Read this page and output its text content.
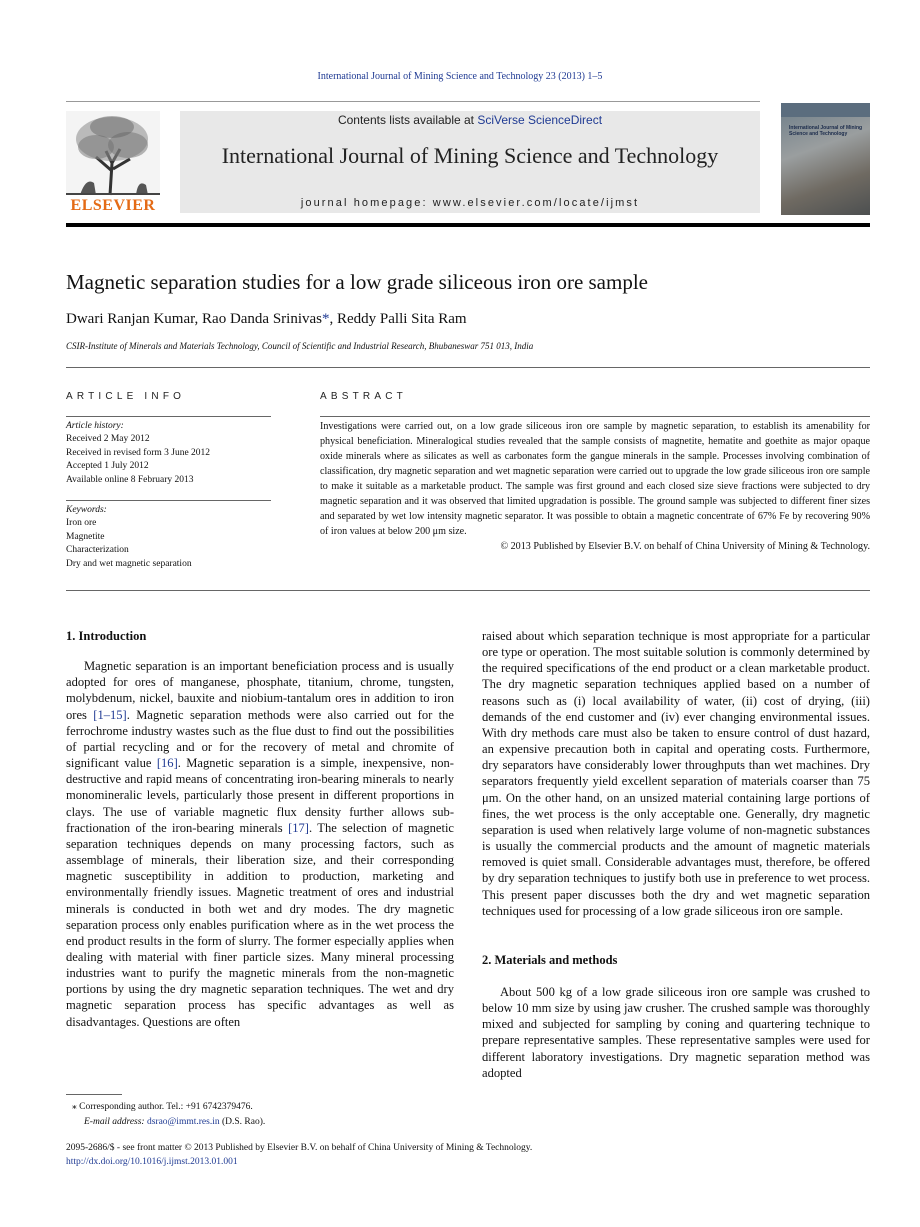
International Journal of Mining Science and Technology 23 (2013) 1–5
ELSEVIER
Contents lists available at SciVerse ScienceDirect
International Journal of Mining Science and Technology
journal homepage: www.elsevier.com/locate/ijmst
International Journal of Mining Science and Technology
Magnetic separation studies for a low grade siliceous iron ore sample
Dwari Ranjan Kumar, Rao Danda Srinivas*, Reddy Palli Sita Ram
CSIR-Institute of Minerals and Materials Technology, Council of Scientific and Industrial Research, Bhubaneswar 751 013, India
ARTICLE INFO	ABSTRACT
Article history:
Received 2 May 2012
Received in revised form 3 June 2012
Accepted 1 July 2012
Available online 8 February 2013
Keywords:
Iron ore
Magnetite
Characterization
Dry and wet magnetic separation
Investigations were carried out, on a low grade siliceous iron ore sample by magnetic separation, to establish its amenability for physical beneficiation. Mineralogical studies revealed that the sample consists of magnetite, hematite and goethite as major opaque oxide minerals where as silicates as well as carbonates form the gangue minerals in the sample. Processes involving combination of classification, dry magnetic separation and wet magnetic separation were carried out to upgrade the low grade siliceous iron ore sample to make it suitable as a marketable product. The sample was first ground and each closed size sieve fractions were subjected to dry magnetic separation and it was observed that limited upgradation is possible. The ground sample was subjected to different finer sizes and separated by wet low intensity magnetic separator. It was possible to obtain a magnetic concentrate of 67% Fe by recovering 90% of iron values at below 200 μm size.
© 2013 Published by Elsevier B.V. on behalf of China University of Mining & Technology.
1. Introduction

Magnetic separation is an important beneficiation process and is usually adopted for ores of manganese, phosphate, titanium, chrome, tungsten, molybdenum, nickel, bauxite and niobium-tantalum ores in addition to iron ores [1–15]. Magnetic separation methods were also carried out for the ferrochrome industry wastes such as the flue dust to find out the possibilities of partial recycling and or for the recovery of metal and chromite of significant value [16]. Magnetic separation is a simple, inexpensive, non-destructive and rapid means of concentrating iron-bearing minerals to nearly monomineralic levels, particularly those present in different proportions in clays. The use of variable magnetic flux density further allows sub-fractionation of the iron-bearing minerals [17]. The selection of magnetic separation techniques depends on many processing factors, such as assemblage of minerals, their liberation size, and their corresponding magnetic susceptibility in addition to production, marketing and environmentally friendly issues. Magnetic treatment of ores and industrial minerals is conducted in both wet and dry modes. The dry magnetic separation process only enables purification where as in the wet process the end product results in the form of slurry. The former especially applies when dealing with material with finer particle sizes. Many mineral processing industries want to purify the magnetic minerals from the non-magnetic portions by using the dry magnetic separation techniques. The wet and dry magnetic separation process has specific advantages as well as disadvantages. Questions are often

raised about which separation technique is most appropriate for a particular ore type or operation. The most suitable solution is commonly determined by the required specifications of the end product or a clean marketable product. The dry magnetic separation techniques applied based on a number of reasons such as (i) local availability of water, (ii) cost of drying, (iii) demands of the end customer and (iv) ever changing environmental issues. With dry methods care must also be taken to ensure control of dust hazard, an expensive precaution both in capital and operating costs. Furthermore, dry separators have considerably lower throughputs than wet machines. Dry separators frequently yield excellent separation of materials coarser than 75 μm. On the other hand, on an unsized material containing large portions of fines, the wet process is the only acceptable one. Generally, dry magnetic separation is used when relatively large volume of non-magnetic substances is usually the commercial products and the amount of magnetic materials removed is quiet small. Considerable advantages must, therefore, be offered by dry separation techniques to justify both use in preference to wet process. This present paper discusses both the dry and wet magnetic separation techniques used for processing of a low grade siliceous iron ore sample.

2. Materials and methods

About 500 kg of a low grade siliceous iron ore sample was crushed to below 10 mm size by using jaw crusher. The crushed sample was thoroughly mixed and subjected for sampling by coning and quartering technique to prepare representative samples. These representative samples were used for different laboratory investigations. Dry magnetic separation method was adopted

⁎ Corresponding author. Tel.: +91 6742379476.
E-mail address: dsrao@immt.res.in (D.S. Rao).
2095-2686/$ - see front matter © 2013 Published by Elsevier B.V. on behalf of China University of Mining & Technology.
http://dx.doi.org/10.1016/j.ijmst.2013.01.001
